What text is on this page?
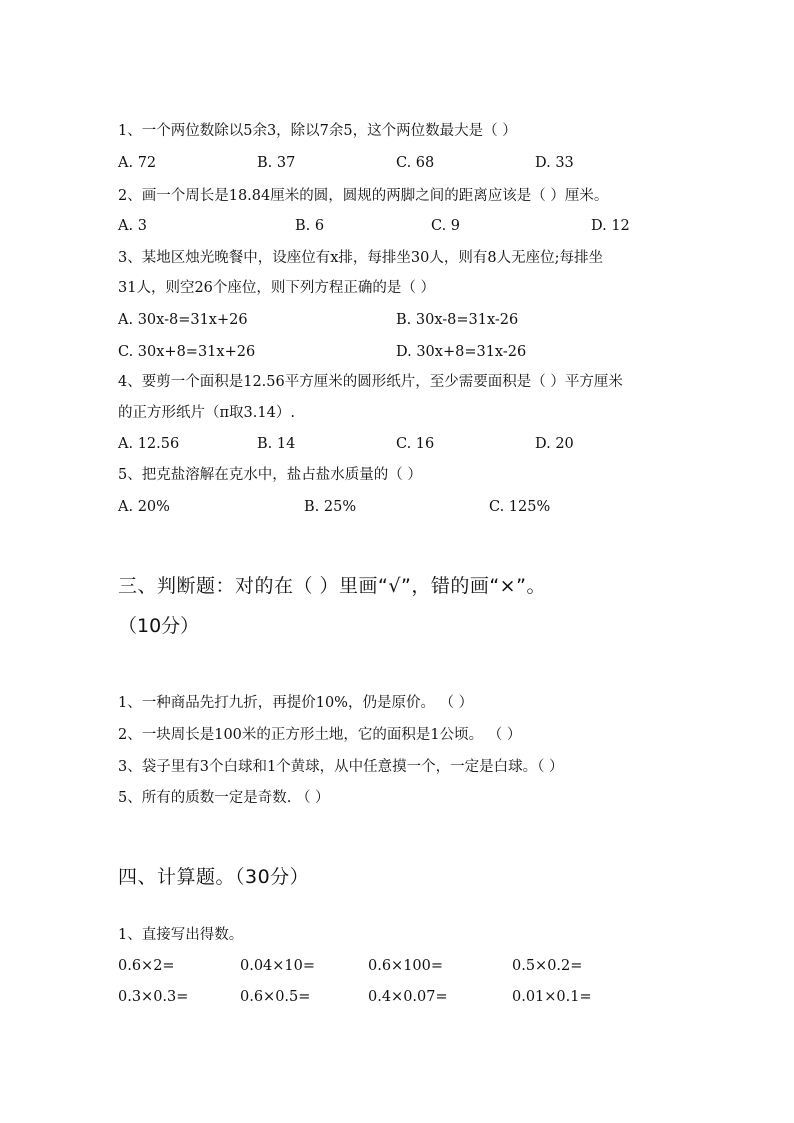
1、一个两位数除以5余3，除以7余5，这个两位数最大是（ ）
A. 72	B. 37	C. 68	D. 33
2、画一个周长是18.84厘米的圆，圆规的两脚之间的距离应该是（ ）厘米。
A. 3	B. 6	C. 9	D. 12
3、某地区烛光晚餐中，设座位有x排，每排坐30人，则有8人无座位;每排坐
31人，则空26个座位，则下列方程正确的是（ ）
A. 30x-8=31x+26	B. 30x-8=31x-26
C. 30x+8=31x+26	D. 30x+8=31x-26
4、要剪一个面积是12.56平方厘米的圆形纸片，至少需要面积是（ ）平方厘米
的正方形纸片（π取3.14）.
A. 12.56	B. 14	C. 16	D. 20
5、把克盐溶解在克水中，盐占盐水质量的（ ）
A. 20%	B. 25%	C. 125%
三、判断题：对的在（ ）里画“√”，错的画“×”。
（10分）
1、一种商品先打九折，再提价10%，仍是原价。 （ ）
2、一块周长是100米的正方形土地，它的面积是1公顷。 （ ）
3、袋子里有3个白球和1个黄球，从中任意摸一个，一定是白球。（ ）
5、所有的质数一定是奇数. （ ）
四、计算题。（30分）
1、直接写出得数。
0.6×2=	0.04×10=	0.6×100=	0.5×0.2=
0.3×0.3=	0.6×0.5=	0.4×0.07=	0.01×0.1=
